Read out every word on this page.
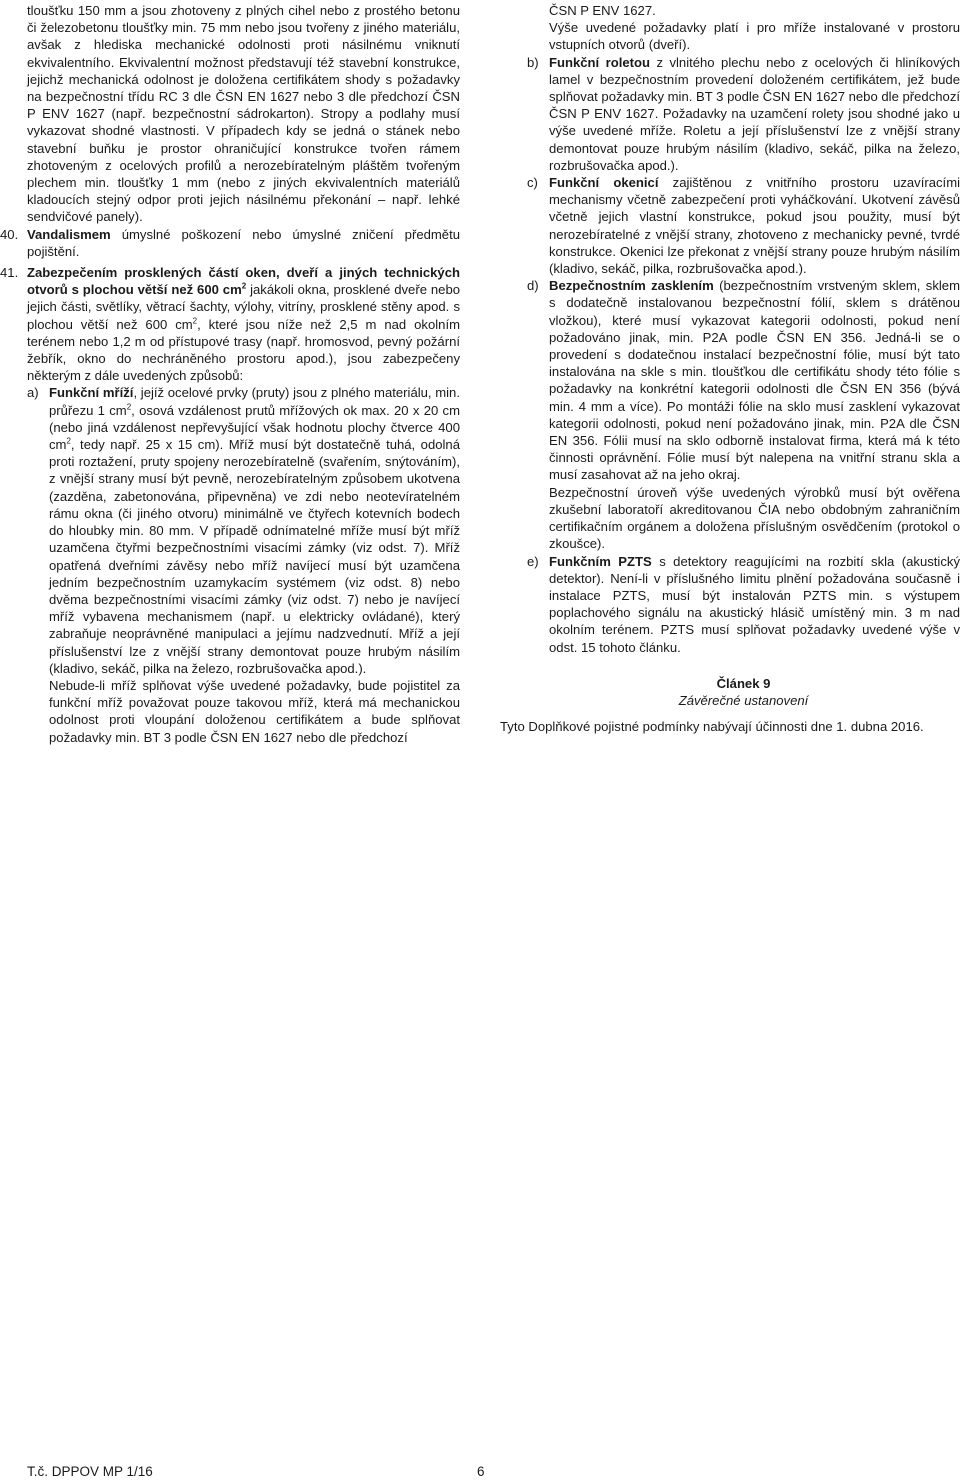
tloušťku 150 mm a jsou zhotoveny z plných cihel nebo z prostého betonu či železobetonu tloušťky min. 75 mm nebo jsou tvořeny z jiného materiálu, avšak z hlediska mechanické odolnosti proti násilnému vniknutí ekvivalentního. Ekvivalentní možnost představují též stavební konstrukce, jejichž mechanická odolnost je doložena certifikátem shody s požadavky na bezpečnostní třídu RC 3 dle ČSN EN 1627 nebo 3 dle předchozí ČSN P ENV 1627 (např. bezpečnostní sádrokarton). Stropy a podlahy musí vykazovat shodné vlastnosti. V případech kdy se jedná o stánek nebo stavební buňku je prostor ohraničující konstrukce tvořen rámem zhotoveným z ocelových profilů a nerozebíratelným pláštěm tvořeným plechem min. tloušťky 1 mm (nebo z jiných ekvivalentních materiálů kladoucích stejný odpor proti jejich násilnému překonání – např. lehké sendvičové panely).

40. Vandalismem úmyslné poškození nebo úmyslné zničení předmětu pojištění.

41. Zabezpečením prosklených částí oken, dveří a jiných technických otvorů s plochou větší než 600 $cm^2$ jakákoli okna, prosklené dveře nebo jejich části, světlíky, větrací šachty, výlohy, vitríny, prosklené stěny apod. s plochou větší než 600 $cm^2$, které jsou níže než 2,5 m nad okolním terénem nebo 1,2 m od přístupové trasy (např. hromosvod, pevný požární žebřík, okno do nechráněného prostoru apod.), jsou zabezpečeny některým z dále uvedených způsobů:

a) Funkční mříží, jejíž ocelové prvky (pruty) jsou z plného materiálu, min. průřezu 1 $cm^2$, osová vzdálenost prutů mřížových ok max. 20 x 20 cm (nebo jiná vzdálenost nepřevyšující však hodnotu plochy čtverce 400 $cm^2$, tedy např. 25 x 15 cm). Mříž musí být dostatečně tuhá, odolná proti roztažení, pruty spojeny nerozebíratelně (svařením, snýtováním), z vnější strany musí být pevně, nerozebíratelným způsobem ukotvena (zazděna, zabetonována, připevněna) ve zdi nebo neotevíratelném rámu okna (či jiného otvoru) minimálně ve čtyřech kotevních bodech do hloubky min. 80 mm. V případě odnímatelné mříže musí být mříž uzamčena čtyřmi bezpečnostními visacími zámky (viz odst. 7). Mříž opatřená dveřními závěsy nebo mříž navíjecí musí být uzamčena jedním bezpečnostním uzamykacím systémem (viz odst. 8) nebo dvěma bezpečnostními visacími zámky (viz odst. 7) nebo je navíjecí mříž vybavena mechanismem (např. u elektricky ovládané), který zabraňuje neoprávněné manipulaci a jejímu nadzvednutí. Mříž a její příslušenství lze z vnější strany demontovat pouze hrubým násilím (kladivo, sekáč, pilka na železo, rozbrušovačka apod.).

Nebude-li mříž splňovat výše uvedené požadavky, bude pojistitel za funkční mříž považovat pouze takovou mříž, která má mechanickou odolnost proti vloupání doloženou certifikátem a bude splňovat požadavky min. BT 3 podle ČSN EN 1627 nebo dle předchozí

ČSN P ENV 1627.

Výše uvedené požadavky platí i pro mříže instalované v prostoru vstupních otvorů (dveří).

b) Funkční roletou z vlnitého plechu nebo z ocelových či hliníkových lamel v bezpečnostním provedení doloženém certifikátem, jež bude splňovat požadavky min. BT 3 podle ČSN EN 1627 nebo dle předchozí ČSN P ENV 1627. Požadavky na uzamčení rolety jsou shodné jako u výše uvedené mříže. Roletu a její příslušenství lze z vnější strany demontovat pouze hrubým násilím (kladivo, sekáč, pilka na železo, rozbrušovačka apod.).
c) Funkční okenicí zajištěnou z vnitřního prostoru uzavíracími mechanismy včetně zabezpečení proti vyháčkování. Ukotvení závěsů včetně jejich vlastní konstrukce, pokud jsou použity, musí být nerozebíratelné z vnější strany, zhotoveno z mechanicky pevné, tvrdé konstrukce. Okenici lze překonat z vnější strany pouze hrubým násilím (kladivo, sekáč, pilka, rozbrušovačka apod.).
d) Bezpečnostním zasklením (bezpečnostním vrstveným sklem, sklem s dodatečně instalovanou bezpečnostní fólií, sklem s drátěnou vložkou), které musí vykazovat kategorii odolnosti, pokud není požadováno jinak, min. P2A podle ČSN EN 356. Jedná-li se o provedení s dodatečnou instalací bezpečnostní fólie, musí být tato instalována na skle s min. tloušťkou dle certifikátu shody této fólie s požadavky na konkrétní kategorii odolnosti dle ČSN EN 356 (bývá min. 4 mm a více). Po montáži fólie na sklo musí zasklení vykazovat kategorii odolnosti, pokud není požadováno jinak, min. P2A dle ČSN EN 356. Fólii musí na sklo odborně instalovat firma, která má k této činnosti oprávnění. Fólie musí být nalepena na vnitřní stranu skla a musí zasahovat až na jeho okraj.

Bezpečnostní úroveň výše uvedených výrobků musí být ověřena zkušební laboratoří akreditovanou ČIA nebo obdobným zahraničním certifikačním orgánem a doložena příslušným osvědčením (protokol o zkoušce).

e) Funkčním PZTS s detektory reagujícími na rozbití skla (akustický detektor). Není-li v příslušného limitu plnění požadována současně i instalace PZTS, musí být instalován PZTS min. s výstupem poplachového signálu na akustický hlásič umístěný min. 3 m nad okolním terénem. PZTS musí splňovat požadavky uvedené výše v odst. 15 tohoto článku.
Článek 9
Závěrečné ustanovení

Tyto Doplňkové pojistné podmínky nabývají účinnosti dne 1. dubna 2016.

T.č. DPPOV MP 1/16	6
